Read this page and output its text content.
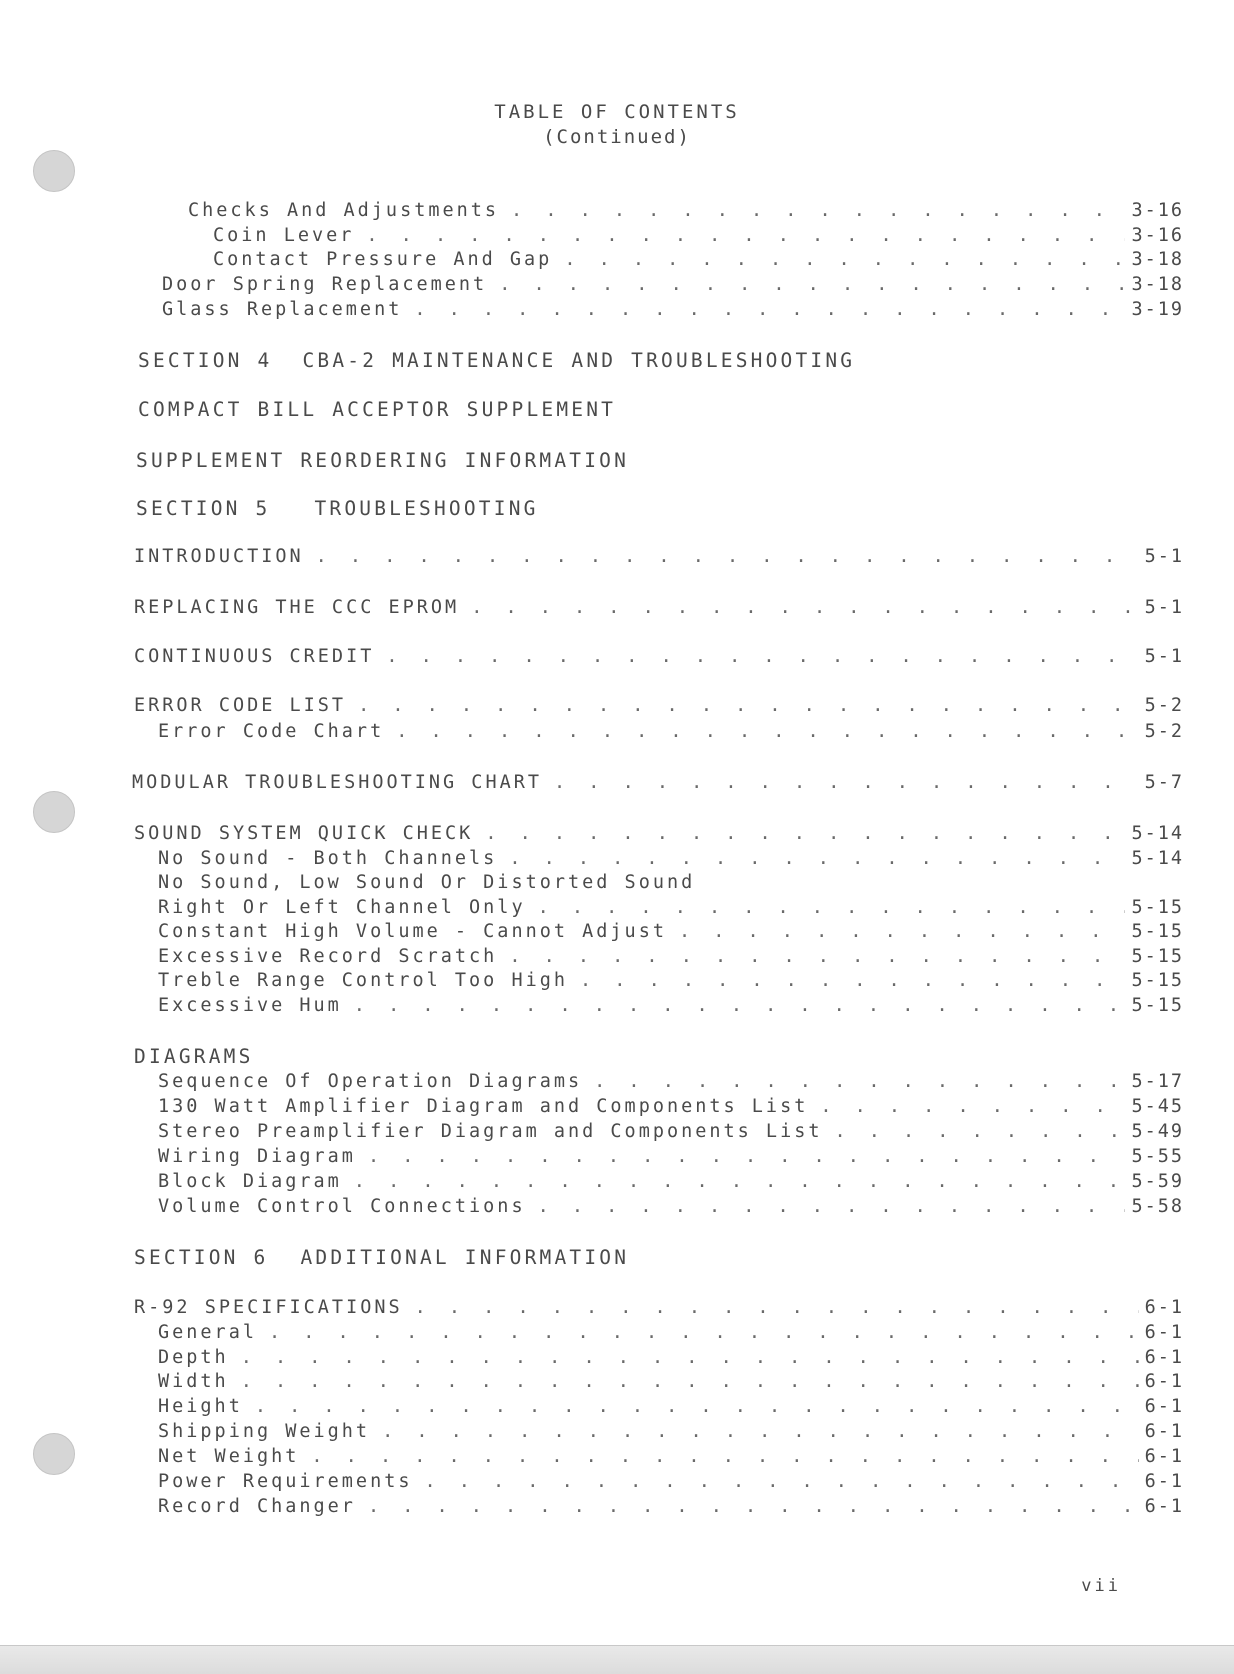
TABLE OF CONTENTS
(Continued)
Checks And Adjustments . . .	3-16
Coin Lever . . .	3-16
Contact Pressure And Gap . . .	3-18
Door Spring Replacement . . .	3-18
Glass Replacement . . .	3-19
SECTION 4 CBA-2 MAINTENANCE AND TROUBLESHOOTING
COMPACT BILL ACCEPTOR SUPPLEMENT
SUPPLEMENT REORDERING INFORMATION
SECTION 5 TROUBLESHOOTING
INTRODUCTION . . .	5-1
REPLACING THE CCC EPROM . . .	5-1
CONTINUOUS CREDIT . . .	5-1
ERROR CODE LIST . . .	5-2
Error Code Chart . . .	5-2
MODULAR TROUBLESHOOTING CHART . . .	5-7
SOUND SYSTEM QUICK CHECK . . .	5-14
No Sound - Both Channels . . .	5-14
No Sound, Low Sound Or Distorted Sound
Right Or Left Channel Only . . .	5-15
Constant High Volume - Cannot Adjust . . .	5-15
Excessive Record Scratch . . .	5-15
Treble Range Control Too High . . .	5-15
Excessive Hum . . .	5-15
DIAGRAMS
Sequence Of Operation Diagrams . . .	5-17
130 Watt Amplifier Diagram and Components List . . .	5-45
Stereo Preamplifier Diagram and Components List . . .	5-49
Wiring Diagram . . .	5-55
Block Diagram . . .	5-59
Volume Control Connections . . .	5-58
SECTION 6 ADDITIONAL INFORMATION
R-92 SPECIFICATIONS . . .	6-1
General . . .	6-1
Depth . . .	6-1
Width . . .	6-1
Height . . .	6-1
Shipping Weight . . .	6-1
Net Weight . . .	6-1
Power Requirements . . .	6-1
Record Changer . . .	6-1
vii
